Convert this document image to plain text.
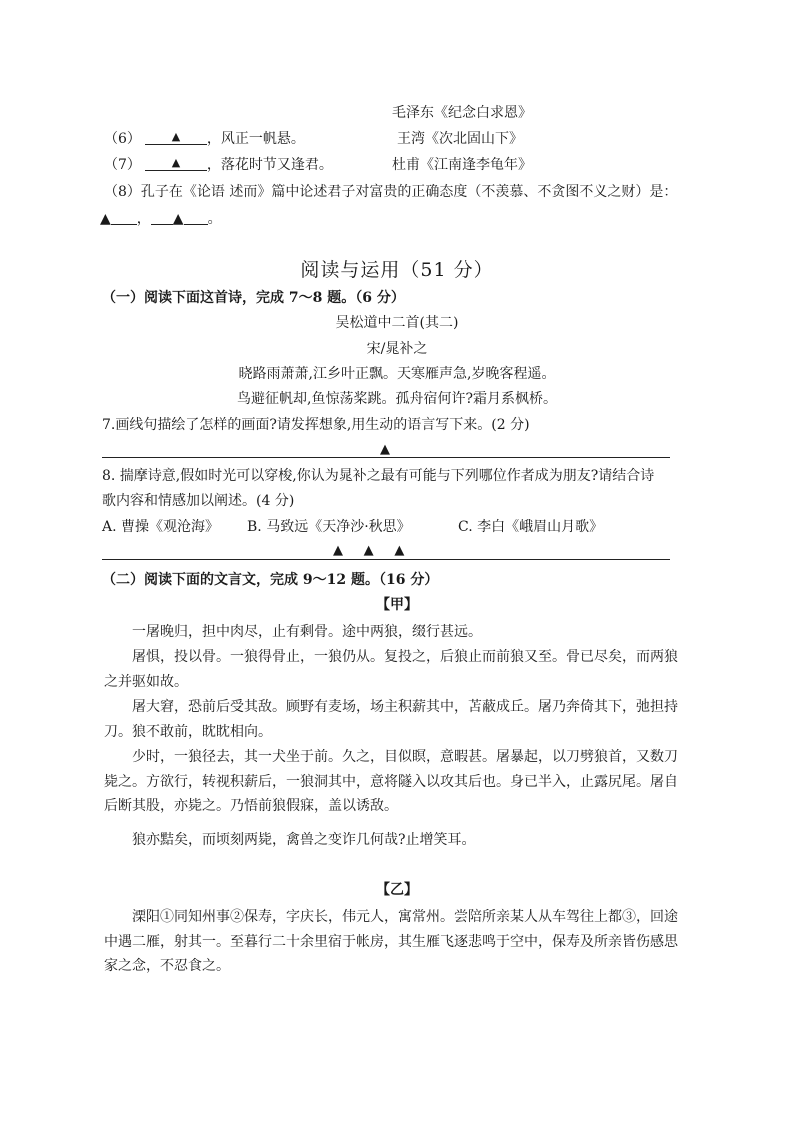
毛泽东《纪念白求恩》
（6）	▲ ，风正一帆悬。	王湾《次北固山下》
（7）	▲ ，落花时节又逢君。	杜甫《江南逢李龟年》
（8）孔子在《论语 述而》篇中论述君子对富贵的正确态度（不羡慕、不贪图不义之财）是：
▲ ， ▲ 。
阅读与运用（51 分）
（一）阅读下面这首诗，完成 7～8 题。（6 分）
吴松道中二首(其二)
宋/晁补之
晓路雨萧萧,江乡叶正飘。天寒雁声急,岁晚客程遥。
鸟避征帆却,鱼惊荡桨跳。孤舟宿何许?霜月系枫桥。
7.画线句描绘了怎样的画面?请发挥想象,用生动的语言写下来。(2 分)
▲
8. 揣摩诗意,假如时光可以穿梭,你认为晁补之最有可能与下列哪位作者成为朋友?请结合诗
歌内容和情感加以阐述。(4 分)
A. 曹操《观沧海》 B. 马致远《天净沙·秋思》	C. 李白《峨眉山月歌》
▲     ▲     ▲
（二）阅读下面的文言文，完成 9～12 题。（16 分）
【甲】
一屠晚归，担中肉尽，止有剩骨。途中两狼，缀行甚远。
屠惧，投以骨。一狼得骨止，一狼仍从。复投之，后狼止而前狼又至。骨已尽矣，而两狼之并驱如故。
屠大窘，恐前后受其敌。顾野有麦场，场主积薪其中，苫蔽成丘。屠乃奔倚其下，弛担持刀。狼不敢前，眈眈相向。
少时，一狼径去，其一犬坐于前。久之，目似瞑，意暇甚。屠暴起，以刀劈狼首，又数刀毙之。方欲行，转视积薪后，一狼洞其中，意将隧入以攻其后也。身已半入，止露尻尾。屠自后断其股，亦毙之。乃悟前狼假寐，盖以诱敌。
狼亦黠矣，而顷刻两毙，禽兽之变诈几何哉?止增笑耳。
【乙】
溧阳①同知州事②保寿，字庆长，伟元人，寓常州。尝陪所亲某人从车驾往上都③，回途中遇二雁，射其一。至暮行二十余里宿于帐房，其生雁飞逐悲鸣于空中，保寿及所亲皆伤感思家之念，不忍食之。
